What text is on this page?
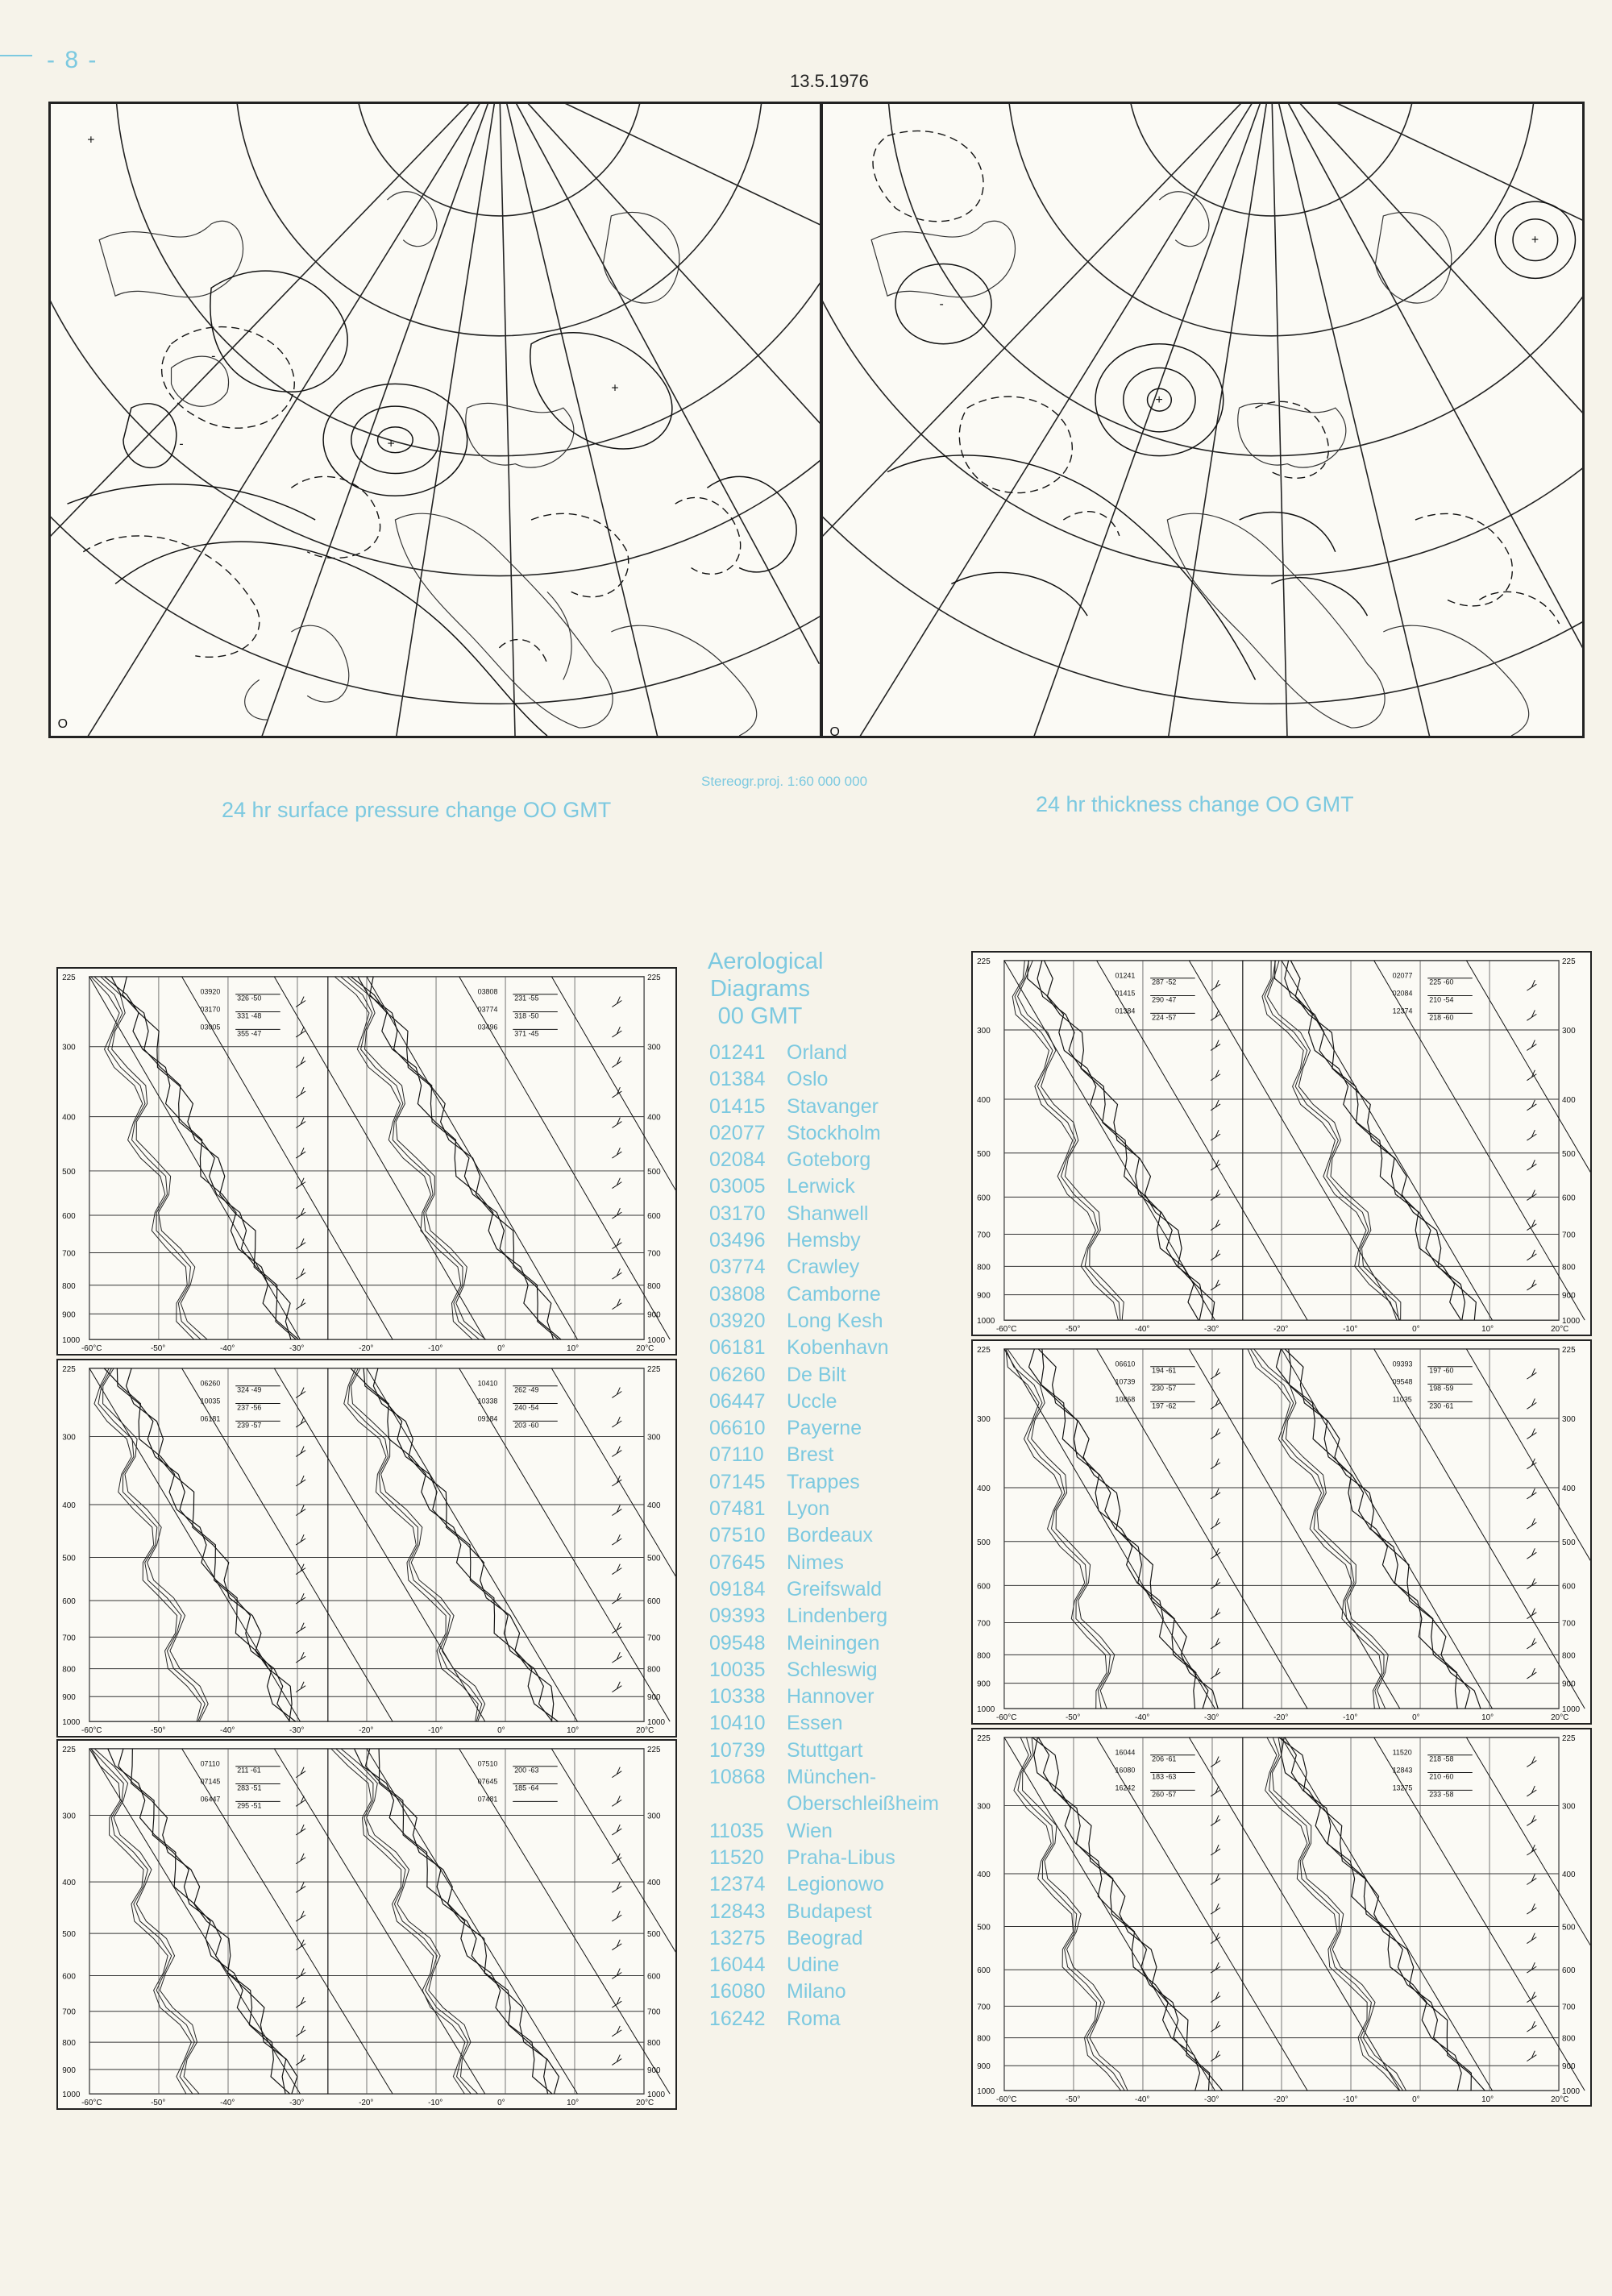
- 8 -
13.5.1976
+
+
+
-
-
O
+
+
-
O
24 hr surface pressure change OO GMT
Stereogr.proj. 1:60 000 000
24 hr thickness change OO GMT
Aerological
Diagrams
00 GMT
01241	Orland
01384	Oslo
01415	Stavanger
02077	Stockholm
02084	Goteborg
03005	Lerwick
03170	Shanwell
03496	Hemsby
03774	Crawley
03808	Camborne
03920	Long Kesh
06181	Kobenhavn
06260	De Bilt
06447	Uccle
06610	Payerne
07110	Brest
07145	Trappes
07481	Lyon
07510	Bordeaux
07645	Nimes
09184	Greifswald
09393	Lindenberg
09548	Meiningen
10035	Schleswig
10338	Hannover
10410	Essen
10739	Stuttgart
10868	München-
Oberschleißheim
11035	Wien
11520	Praha-Libus
12374	Legionowo
12843	Budapest
13275	Beograd
16044	Udine
16080	Milano
16242	Roma
225	225
300	300
400	400
500	500
600	600
700	700
800	800
900	900
1000	1000
-60°C	-50°	-40°	-30°	-20°	-10°	0°	10°	20°C
03920
326 -50
03170
331 -48
03005
355 -47
03808
231 -55
03774
318 -50
03496
371 -45
225	225
300	300
400	400
500	500
600	600
700	700
800	800
900	900
1000	1000
-60°C	-50°	-40°	-30°	-20°	-10°	0°	10°	20°C
06260
324 -49
10035
237 -56
06181
239 -57
10410
262 -49
10338
240 -54
09184
203 -60
225	225
300	300
400	400
500	500
600	600
700	700
800	800
900	900
1000	1000
-60°C	-50°	-40°	-30°	-20°	-10°	0°	10°	20°C
07110
211 -61
07145
283 -51
06447
295 -51
07510
200 -63
07645
185 -64
07481
225	225
300	300
400	400
500	500
600	600
700	700
800	800
900	900
1000	1000
-60°C	-50°	-40°	-30°	-20°	-10°	0°	10°	20°C
01241
287 -52
01415
290 -47
01384
224 -57
02077
225 -60
02084
210 -54
12374
218 -60
225	225
300	300
400	400
500	500
600	600
700	700
800	800
900	900
1000	1000
-60°C	-50°	-40°	-30°	-20°	-10°	0°	10°	20°C
06610
194 -61
10739
230 -57
10868
197 -62
09393
197 -60
09548
198 -59
11035
230 -61
225	225
300	300
400	400
500	500
600	600
700	700
800	800
900	900
1000	1000
-60°C	-50°	-40°	-30°	-20°	-10°	0°	10°	20°C
16044
206 -61
16080
183 -63
16242
260 -57
11520
218 -58
12843
210 -60
13275
233 -58
